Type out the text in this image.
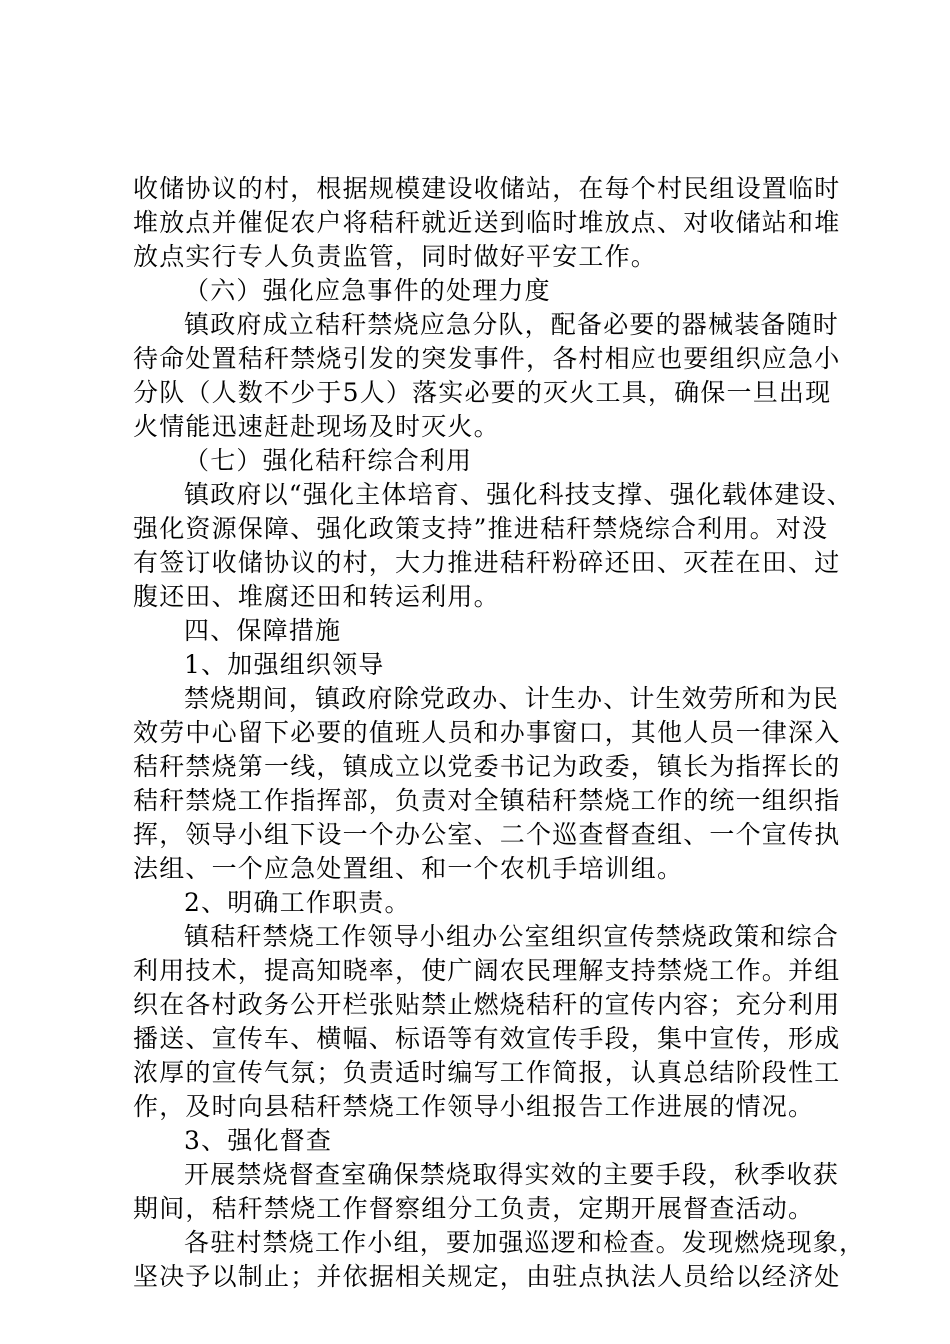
收储协议的村，根据规模建设收储站，在每个村民组设置临时
堆放点并催促农户将秸秆就近送到临时堆放点、对收储站和堆
放点实行专人负责监管，同时做好平安工作。
（六）强化应急事件的处理力度
镇政府成立秸秆禁烧应急分队，配备必要的器械装备随时
待命处置秸秆禁烧引发的突发事件，各村相应也要组织应急小
分队（人数不少于5人）落实必要的灭火工具，确保一旦出现
火情能迅速赶赴现场及时灭火。
（七）强化秸秆综合利用
镇政府以“强化主体培育、强化科技支撑、强化载体建设、
强化资源保障、强化政策支持”推进秸秆禁烧综合利用。对没
有签订收储协议的村，大力推进秸秆粉碎还田、灭茬在田、过
腹还田、堆腐还田和转运利用。
四、保障措施
1、加强组织领导
禁烧期间，镇政府除党政办、计生办、计生效劳所和为民
效劳中心留下必要的值班人员和办事窗口，其他人员一律深入
秸秆禁烧第一线，镇成立以党委书记为政委，镇长为指挥长的
秸秆禁烧工作指挥部，负责对全镇秸秆禁烧工作的统一组织指
挥，领导小组下设一个办公室、二个巡查督查组、一个宣传执
法组、一个应急处置组、和一个农机手培训组。
2、明确工作职责。
镇秸秆禁烧工作领导小组办公室组织宣传禁烧政策和综合
利用技术，提高知晓率，使广阔农民理解支持禁烧工作。并组
织在各村政务公开栏张贴禁止燃烧秸秆的宣传内容；充分利用
播送、宣传车、横幅、标语等有效宣传手段，集中宣传，形成
浓厚的宣传气氛；负责适时编写工作简报，认真总结阶段性工
作，及时向县秸秆禁烧工作领导小组报告工作进展的情况。
3、强化督查
开展禁烧督查室确保禁烧取得实效的主要手段，秋季收获
期间，秸秆禁烧工作督察组分工负责，定期开展督查活动。
各驻村禁烧工作小组，要加强巡逻和检查。发现燃烧现象，
坚决予以制止；并依据相关规定，由驻点执法人员给以经济处
